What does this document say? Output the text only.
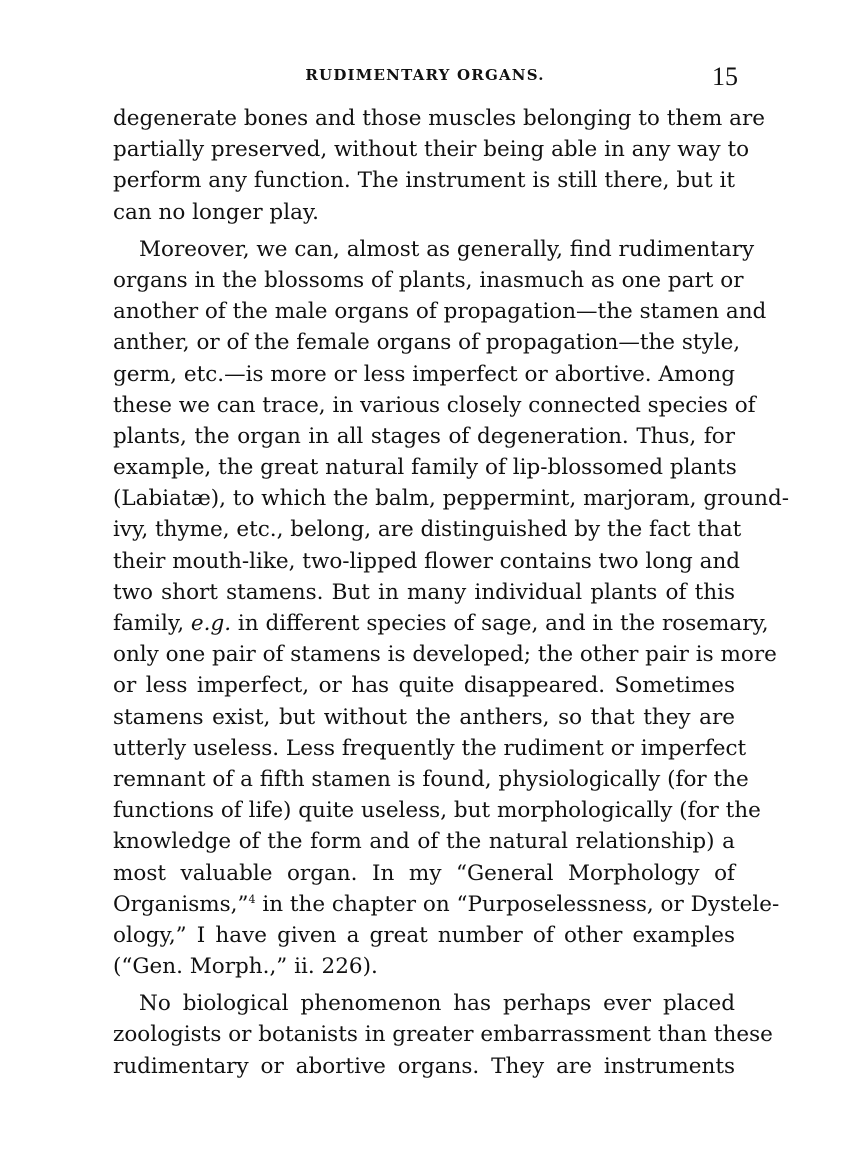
RUDIMENTARY ORGANS.	15
degenerate bones and those muscles belonging to them are
partially preserved, without their being able in any way to
perform any function. The instrument is still there, but it
can no longer play.
Moreover, we can, almost as generally, find rudimentary
organs in the blossoms of plants, inasmuch as one part or
another of the male organs of propagation—the stamen and
anther, or of the female organs of propagation—the style,
germ, etc.—is more or less imperfect or abortive. Among
these we can trace, in various closely connected species of
plants, the organ in all stages of degeneration. Thus, for
example, the great natural family of lip-blossomed plants
(Labiatæ), to which the balm, peppermint, marjoram, ground-
ivy, thyme, etc., belong, are distinguished by the fact that
their mouth-like, two-lipped flower contains two long and
two short stamens. But in many individual plants of this
family, e.g. in different species of sage, and in the rosemary,
only one pair of stamens is developed; the other pair is more
or less imperfect, or has quite disappeared. Sometimes
stamens exist, but without the anthers, so that they are
utterly useless. Less frequently the rudiment or imperfect
remnant of a fifth stamen is found, physiologically (for the
functions of life) quite useless, but morphologically (for the
knowledge of the form and of the natural relationship) a
most valuable organ. In my “General Morphology of
Organisms,”$^4$ in the chapter on “Purposelessness, or Dystele-
ology,” I have given a great number of other examples
(“Gen. Morph.,” ii. 226).
No biological phenomenon has perhaps ever placed
zoologists or botanists in greater embarrassment than these
rudimentary or abortive organs. They are instruments
